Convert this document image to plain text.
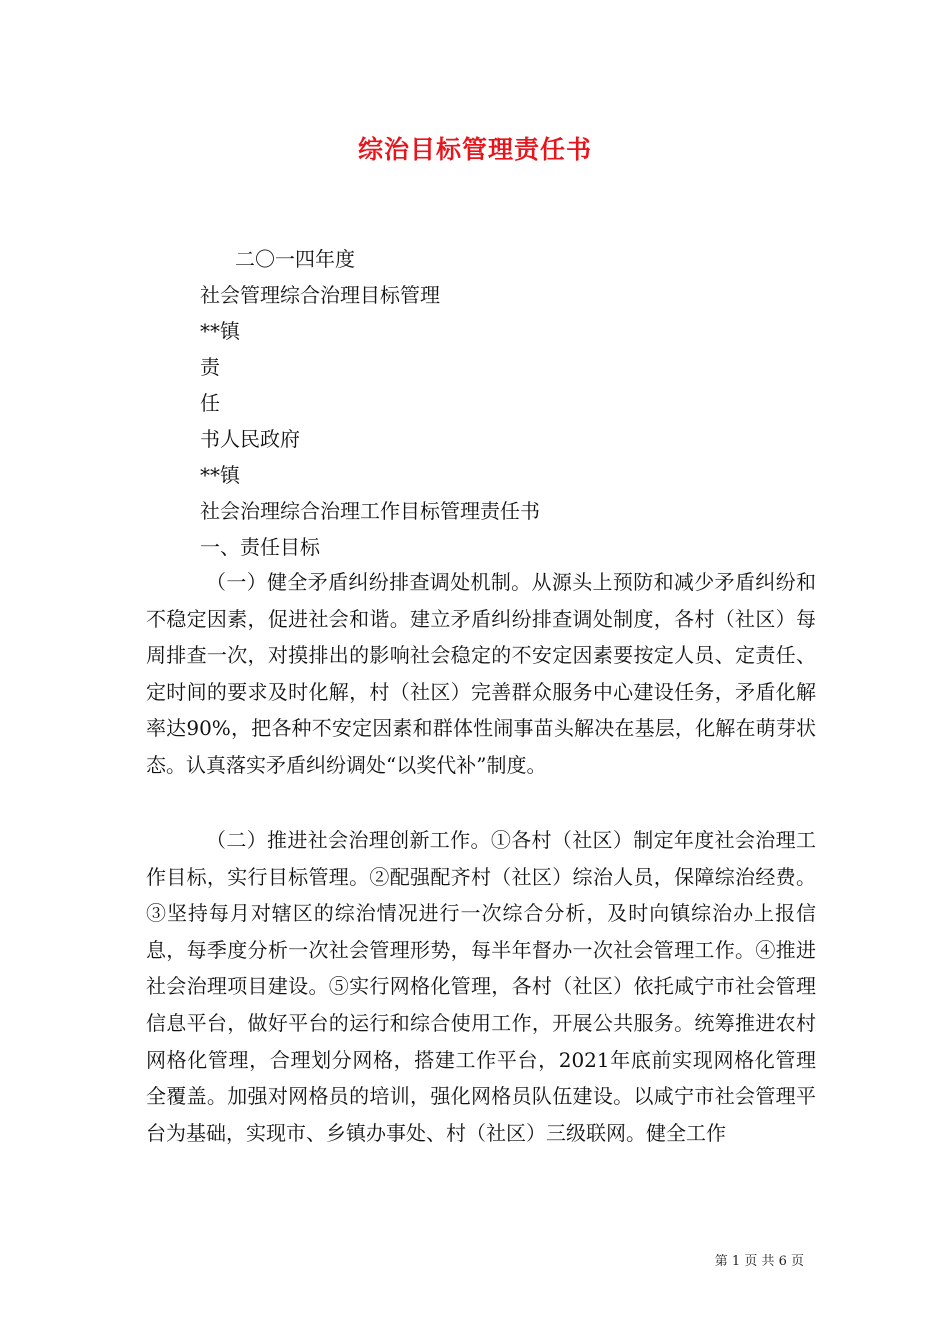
综治目标管理责任书
二〇一四年度
社会管理综合治理目标管理
**镇
责
任
书人民政府
**镇
社会治理综合治理工作目标管理责任书
一、责任目标

（一）健全矛盾纠纷排查调处机制。从源头上预防和减少矛盾纠纷和不稳定因素，促进社会和谐。建立矛盾纠纷排查调处制度，各村（社区）每周排查一次，对摸排出的影响社会稳定的不安定因素要按定人员、定责任、定时间的要求及时化解，村（社区）完善群众服务中心建设任务，矛盾化解率达90%，把各种不安定因素和群体性闹事苗头解决在基层，化解在萌芽状态。认真落实矛盾纠纷调处“以奖代补”制度。

（二）推进社会治理创新工作。①各村（社区）制定年度社会治理工作目标，实行目标管理。②配强配齐村（社区）综治人员，保障综治经费。③坚持每月对辖区的综治情况进行一次综合分析，及时向镇综治办上报信息，每季度分析一次社会管理形势，每半年督办一次社会管理工作。④推进社会治理项目建设。⑤实行网格化管理，各村（社区）依托咸宁市社会管理信息平台，做好平台的运行和综合使用工作，开展公共服务。统筹推进农村网格化管理，合理划分网格，搭建工作平台，2021年底前实现网格化管理全覆盖。加强对网格员的培训，强化网格员队伍建设。以咸宁市社会管理平台为基础，实现市、乡镇办事处、村（社区）三级联网。健全工作

第 1 页 共 6 页
